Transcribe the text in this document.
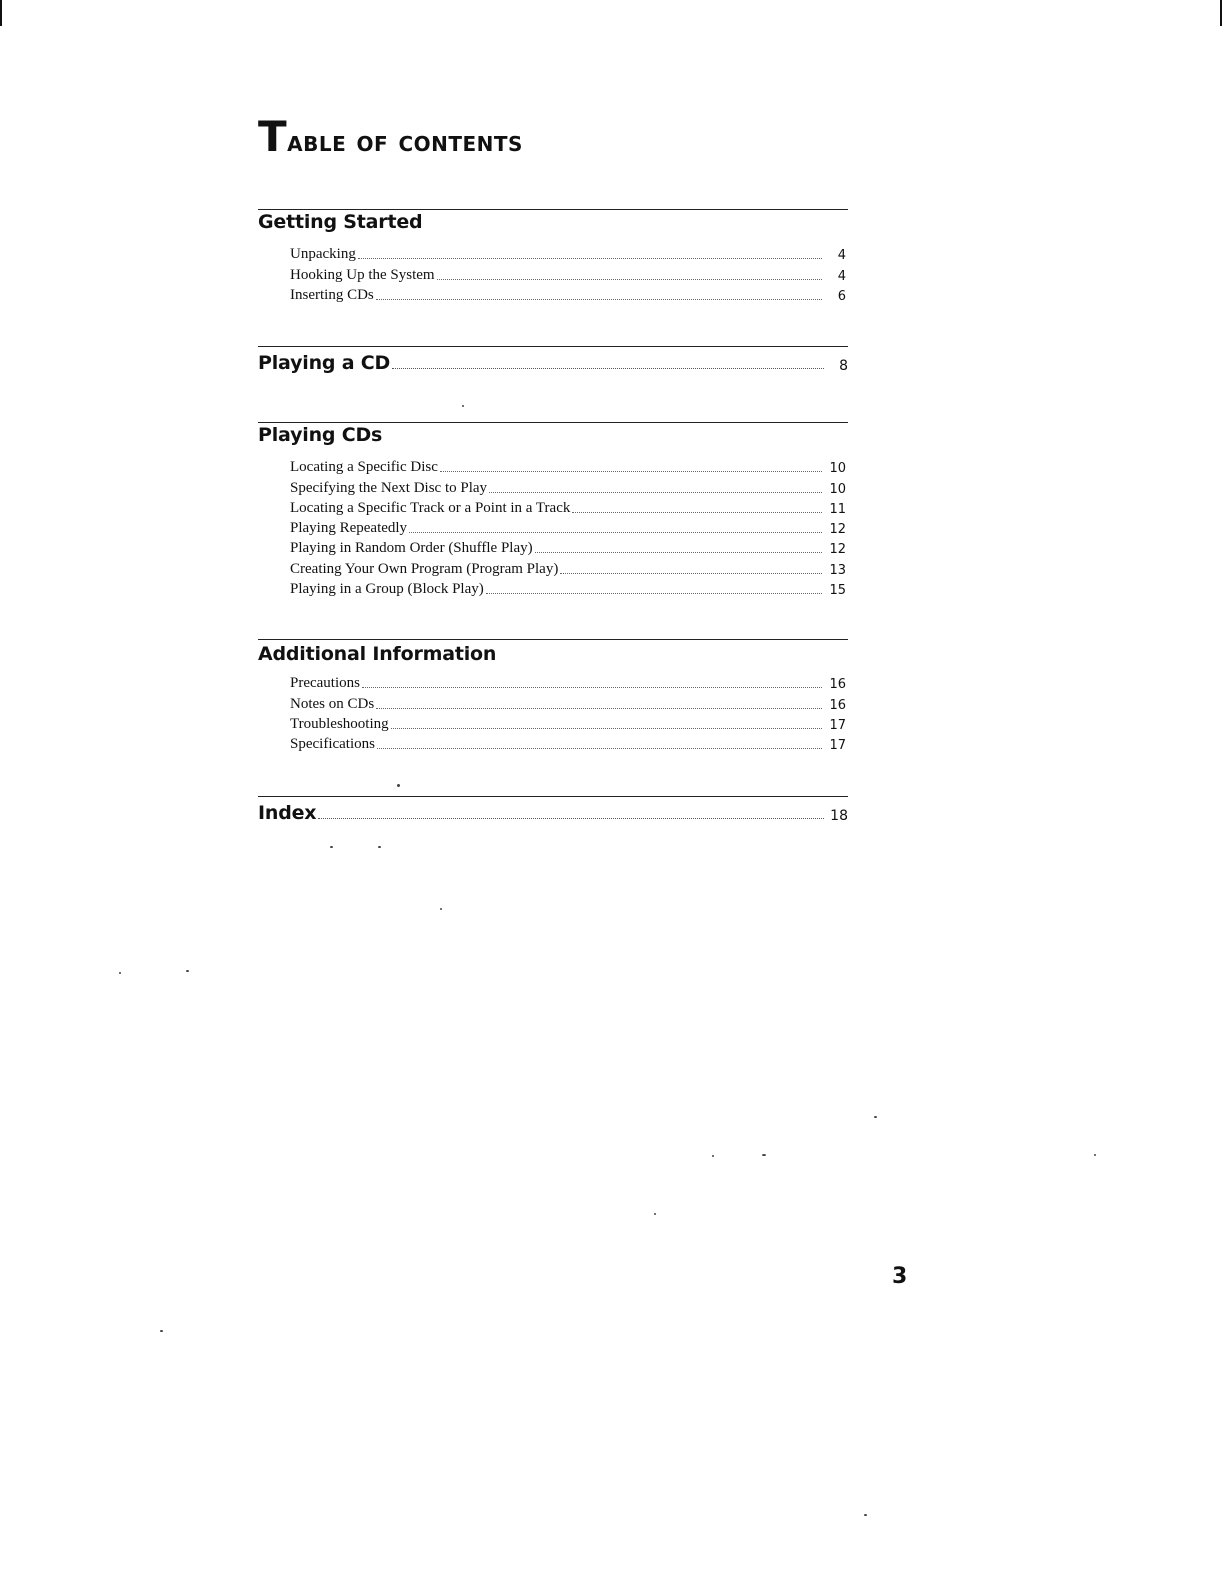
Table of contents
Getting Started
Unpacking	4
Hooking Up the System	4
Inserting CDs	6
Playing a CD	8
Playing CDs
Locating a Specific Disc	10
Specifying the Next Disc to Play	10
Locating a Specific Track or a Point in a Track	11
Playing Repeatedly	12
Playing in Random Order (Shuffle Play)	12
Creating Your Own Program (Program Play)	13
Playing in a Group (Block Play)	15
Additional Information
Precautions	16
Notes on CDs	16
Troubleshooting	17
Specifications	17
Index	18
3
